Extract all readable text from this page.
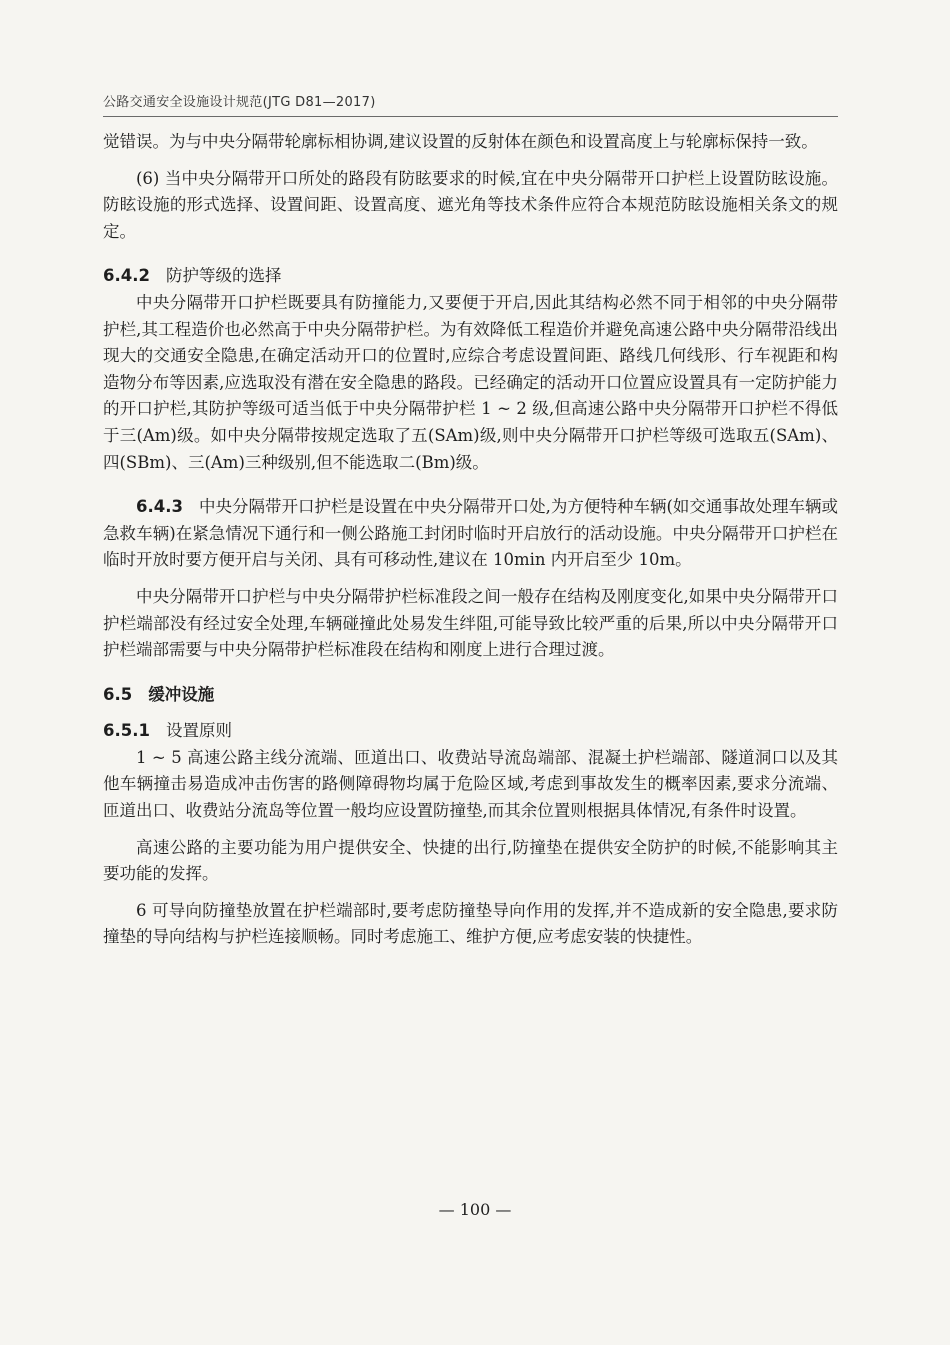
公路交通安全设施设计规范(JTG D81—2017)

觉错误。为与中央分隔带轮廓标相协调,建议设置的反射体在颜色和设置高度上与轮廓标保持一致。

(6) 当中央分隔带开口所处的路段有防眩要求的时候,宜在中央分隔带开口护栏上设置防眩设施。防眩设施的形式选择、设置间距、设置高度、遮光角等技术条件应符合本规范防眩设施相关条文的规定。

6.4.2 防护等级的选择

中央分隔带开口护栏既要具有防撞能力,又要便于开启,因此其结构必然不同于相邻的中央分隔带护栏,其工程造价也必然高于中央分隔带护栏。为有效降低工程造价并避免高速公路中央分隔带沿线出现大的交通安全隐患,在确定活动开口的位置时,应综合考虑设置间距、路线几何线形、行车视距和构造物分布等因素,应选取没有潜在安全隐患的路段。已经确定的活动开口位置应设置具有一定防护能力的开口护栏,其防护等级可适当低于中央分隔带护栏 1 ~ 2 级,但高速公路中央分隔带开口护栏不得低于三(Am)级。如中央分隔带按规定选取了五(SAm)级,则中央分隔带开口护栏等级可选取五(SAm)、四(SBm)、三(Am)三种级别,但不能选取二(Bm)级。

6.4.3 中央分隔带开口护栏是设置在中央分隔带开口处,为方便特种车辆(如交通事故处理车辆或急救车辆)在紧急情况下通行和一侧公路施工封闭时临时开启放行的活动设施。中央分隔带开口护栏在临时开放时要方便开启与关闭、具有可移动性,建议在 10min 内开启至少 10m。

中央分隔带开口护栏与中央分隔带护栏标准段之间一般存在结构及刚度变化,如果中央分隔带开口护栏端部没有经过安全处理,车辆碰撞此处易发生绊阻,可能导致比较严重的后果,所以中央分隔带开口护栏端部需要与中央分隔带护栏标准段在结构和刚度上进行合理过渡。

6.5 缓冲设施

6.5.1 设置原则

1 ~ 5 高速公路主线分流端、匝道出口、收费站导流岛端部、混凝土护栏端部、隧道洞口以及其他车辆撞击易造成冲击伤害的路侧障碍物均属于危险区域,考虑到事故发生的概率因素,要求分流端、匝道出口、收费站分流岛等位置一般均应设置防撞垫,而其余位置则根据具体情况,有条件时设置。

高速公路的主要功能为用户提供安全、快捷的出行,防撞垫在提供安全防护的时候,不能影响其主要功能的发挥。

6 可导向防撞垫放置在护栏端部时,要考虑防撞垫导向作用的发挥,并不造成新的安全隐患,要求防撞垫的导向结构与护栏连接顺畅。同时考虑施工、维护方便,应考虑安装的快捷性。

— 100 —
